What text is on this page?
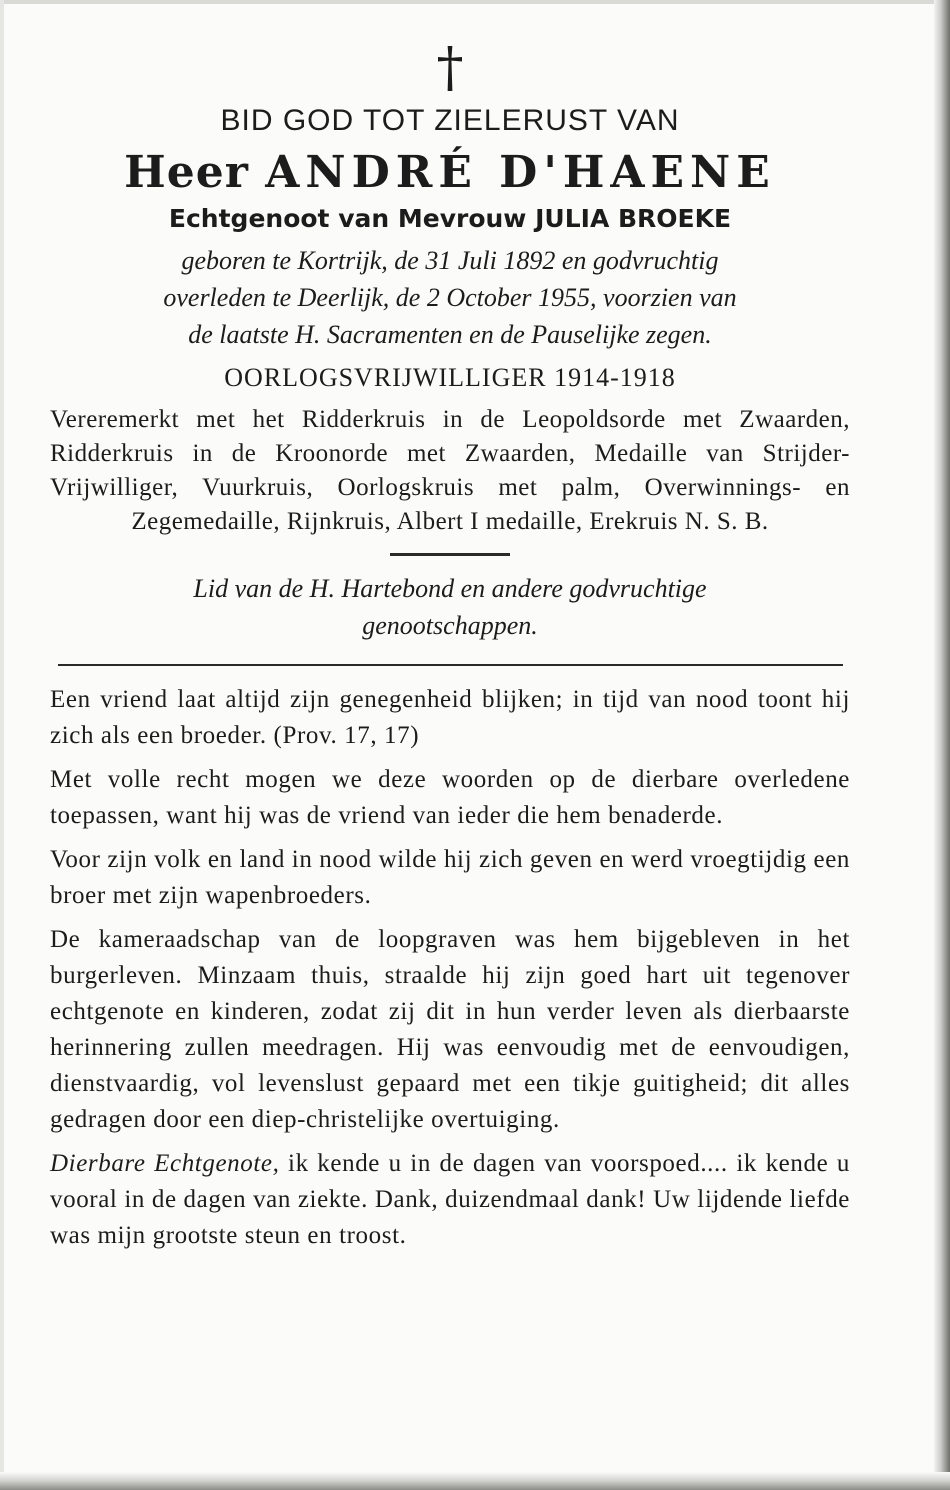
†
BID GOD TOT ZIELERUST VAN
Heer ANDRÉ D'HAENE
Echtgenoot van Mevrouw JULIA BROEKE
geboren te Kortrijk, de 31 Juli 1892 en godvruchtig
overleden te Deerlijk, de 2 October 1955, voorzien van
de laatste H. Sacramenten en de Pauselijke zegen.
OORLOGSVRIJWILLIGER 1914-1918
Vereremerkt met het Ridderkruis in de Leopoldsorde met Zwaarden, Ridderkruis in de Kroonorde met Zwaarden, Medaille van Strijder-Vrijwilliger, Vuurkruis, Oorlogskruis met palm, Overwinnings- en Zegemedaille, Rijnkruis, Albert I medaille, Erekruis N. S. B.
Lid van de H. Hartebond en andere godvruchtige
genootschappen.

Een vriend laat altijd zijn genegenheid blijken; in tijd van nood toont hij zich als een broeder. (Prov. 17, 17)

Met volle recht mogen we deze woorden op de dierbare overledene toepassen, want hij was de vriend van ieder die hem benaderde.

Voor zijn volk en land in nood wilde hij zich geven en werd vroegtijdig een broer met zijn wapenbroeders.

De kameraadschap van de loopgraven was hem bijgebleven in het burgerleven. Minzaam thuis, straalde hij zijn goed hart uit tegenover echtgenote en kinderen, zodat zij dit in hun verder leven als dierbaarste herinnering zullen meedragen. Hij was eenvoudig met de eenvoudigen, dienstvaardig, vol levenslust gepaard met een tikje guitigheid; dit alles gedragen door een diep-christelijke overtuiging.

Dierbare Echtgenote, ik kende u in de dagen van voorspoed.... ik kende u vooral in de dagen van ziekte. Dank, duizendmaal dank! Uw lijdende liefde was mijn grootste steun en troost.
